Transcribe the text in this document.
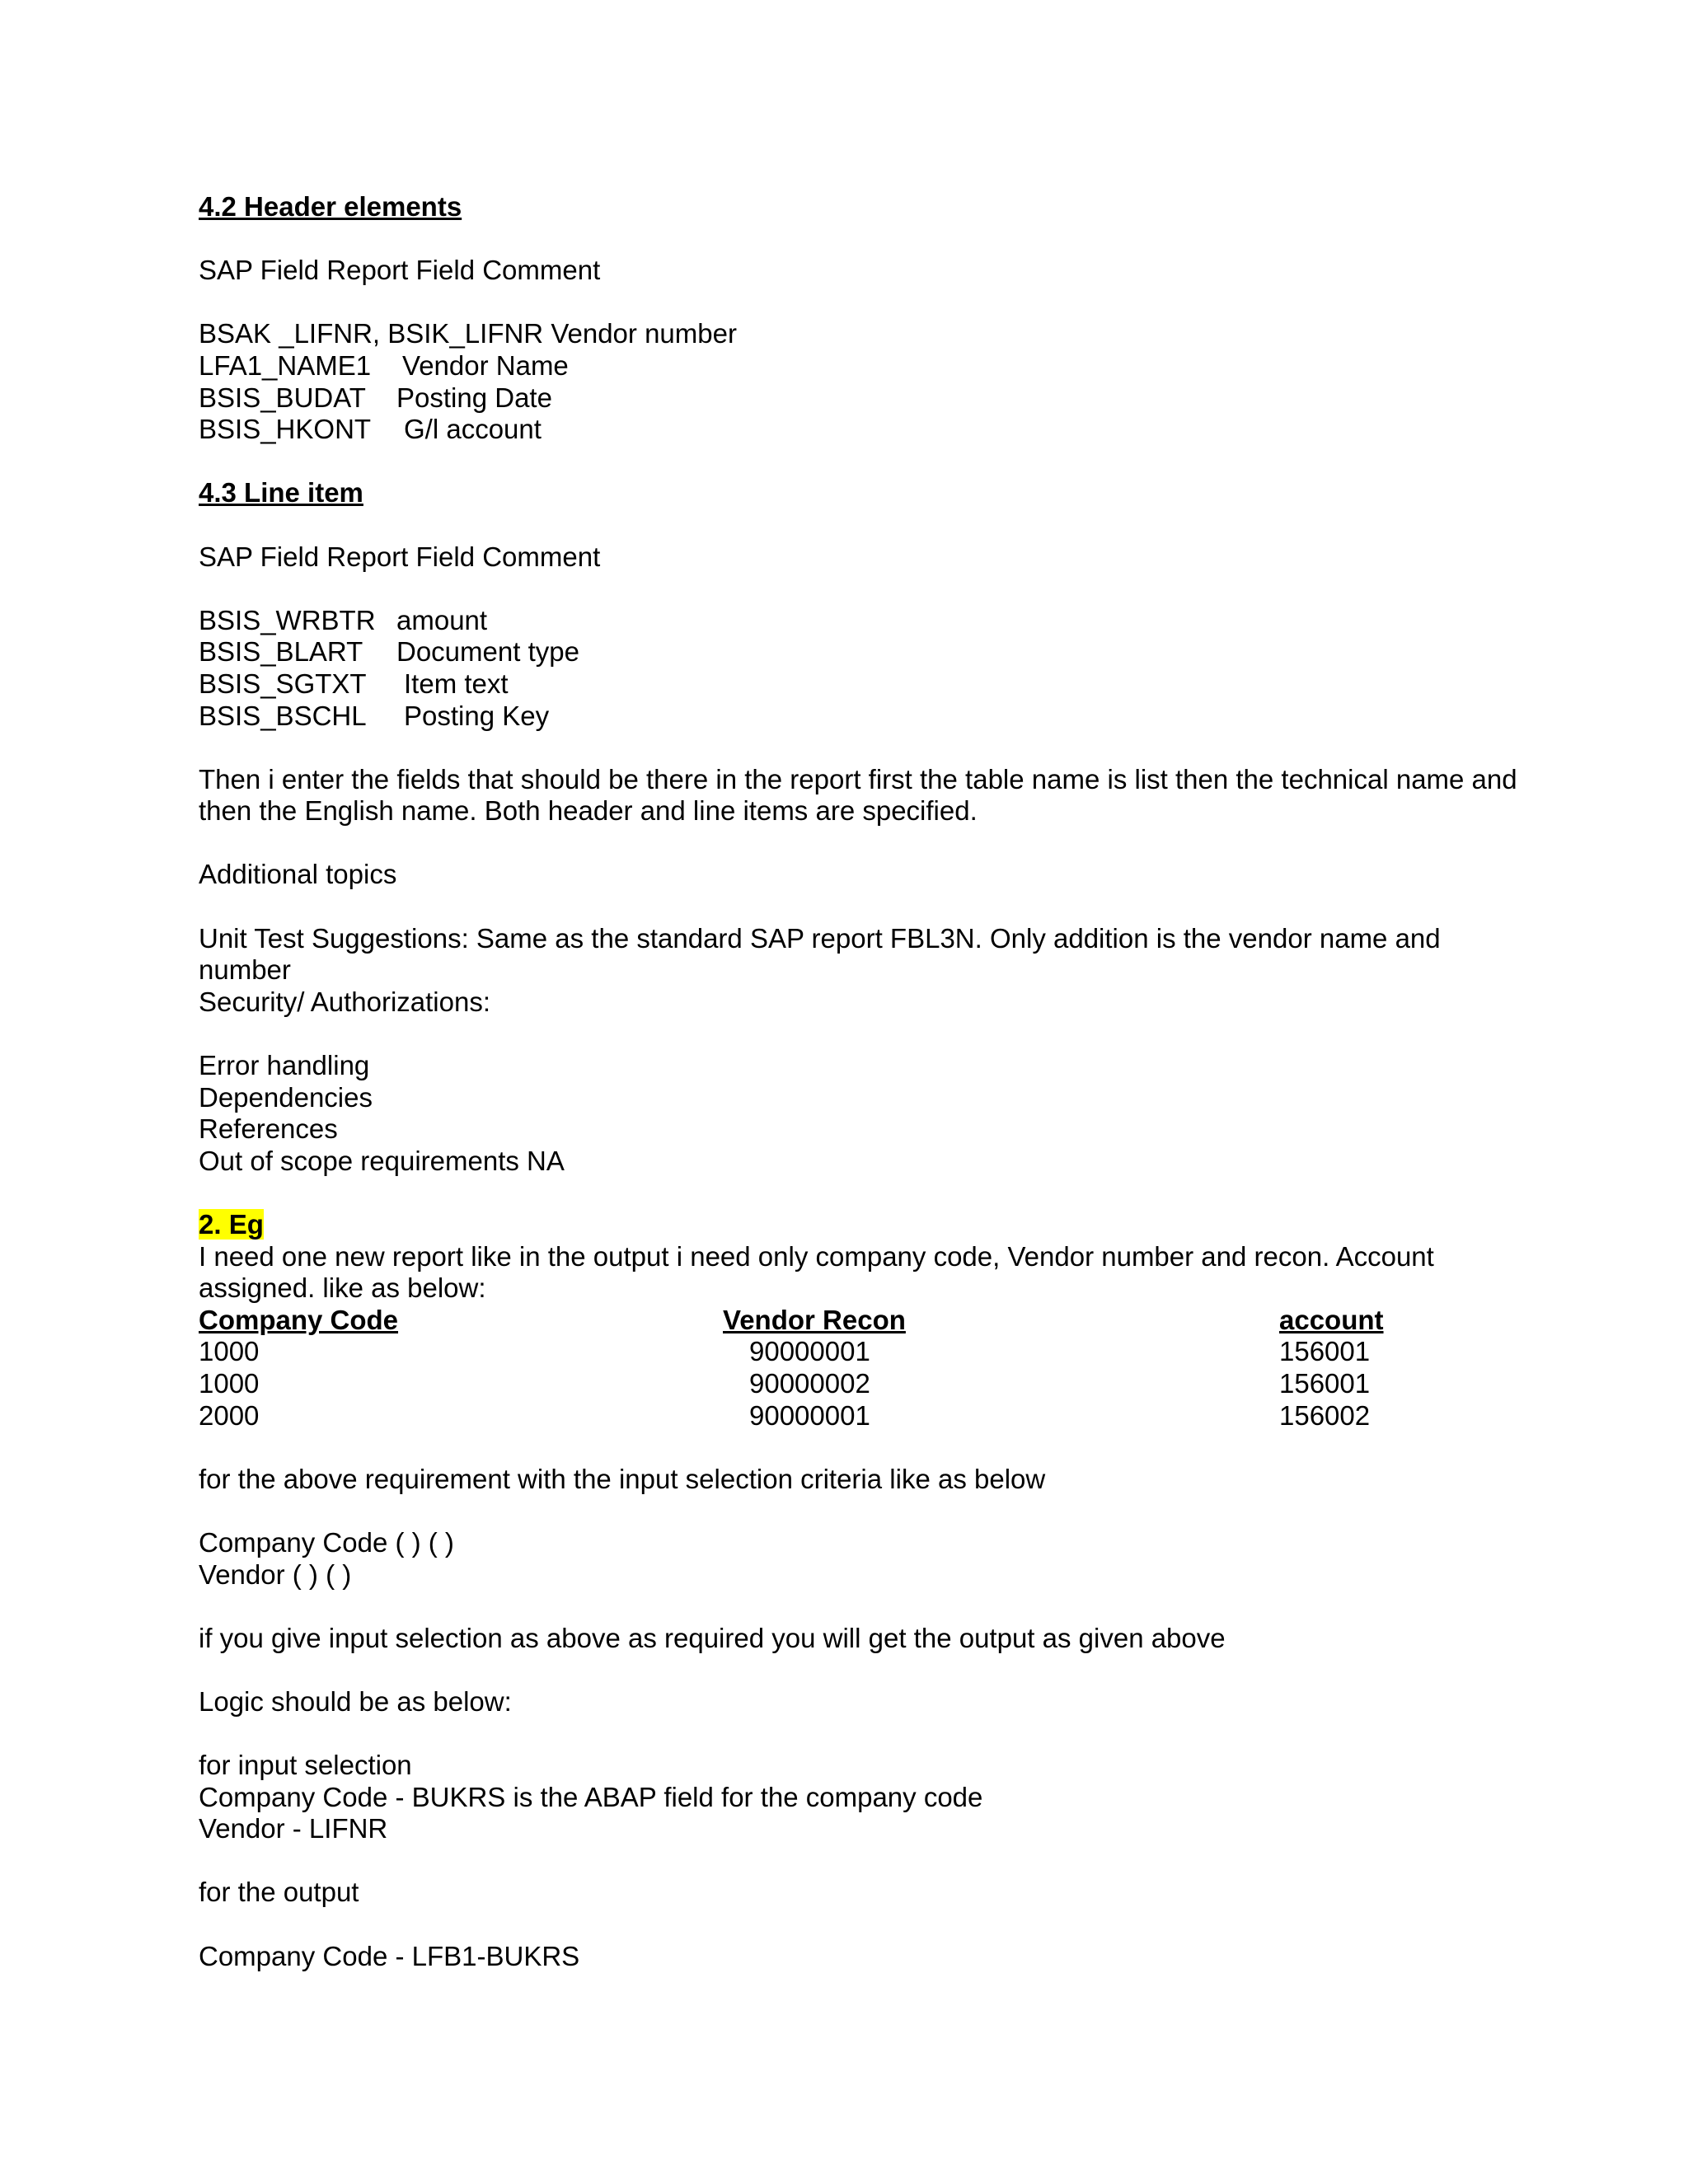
4.2 Header elements
SAP Field Report Field Comment
BSAK _LIFNR, BSIK_LIFNR Vendor number
LFA1_NAME1 Vendor Name
BSIS_BUDAT Posting Date
BSIS_HKONT G/l account
4.3 Line item
SAP Field Report Field Comment
BSIS_WRBTR amount
BSIS_BLART Document type
BSIS_SGTXT Item text
BSIS_BSCHL Posting Key
Then i enter the fields that should be there in the report first the table name is list then the technical name and then the English name. Both header and line items are specified.
Additional topics
Unit Test Suggestions: Same as the standard SAP report FBL3N. Only addition is the vendor name and number
Security/ Authorizations:
Error handling
Dependencies
References
Out of scope requirements NA
2. Eg
I need one new report like in the output i need only company code, Vendor number and recon. Account assigned. like as below:
Company Code	Vendor Recon	account
1000	90000001	156001
1000	90000002	156001
2000	90000001	156002
for the above requirement with the input selection criteria like as below
Company Code ( ) ( )
Vendor ( ) ( )
if you give input selection as above as required you will get the output as given above
Logic should be as below:
for input selection
Company Code - BUKRS is the ABAP field for the company code
Vendor - LIFNR
for the output
Company Code - LFB1-BUKRS
